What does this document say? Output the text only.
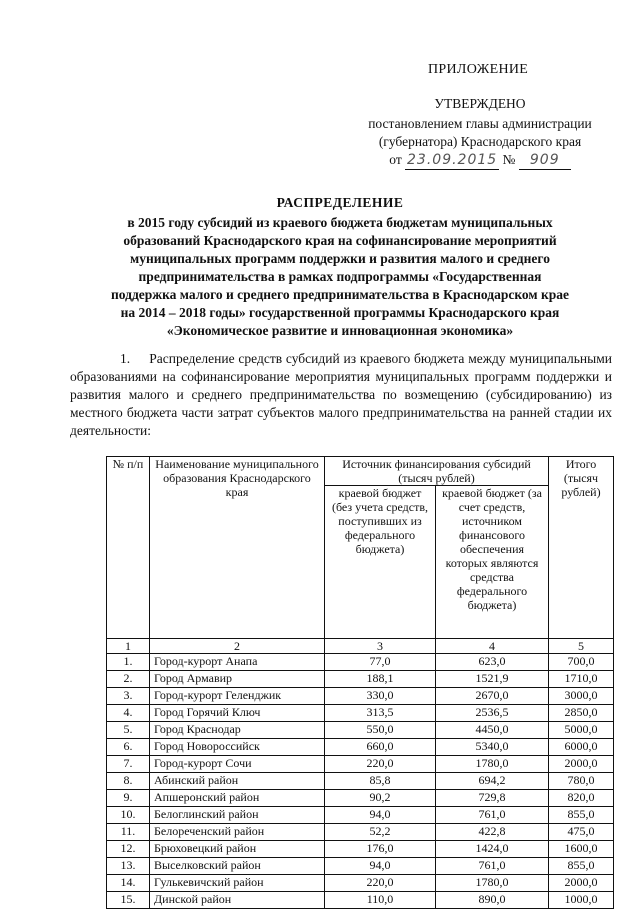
ПРИЛОЖЕНИЕ
УТВЕРЖДЕНО
постановлением главы администрации
(губернатора) Краснодарского края
от 23.09.2015 № 909
РАСПРЕДЕЛЕНИЕ
в 2015 году субсидий из краевого бюджета бюджетам муниципальных
образований Краснодарского края на софинансирование мероприятий
муниципальных программ поддержки и развития малого и среднего
предпринимательства в рамках подпрограммы «Государственная
поддержка малого и среднего предпринимательства в Краснодарском крае
на 2014 – 2018 годы» государственной программы Краснодарского края
«Экономическое развитие и инновационная экономика»
1. Распределение средств субсидий из краевого бюджета между муниципальными образованиями на софинансирование мероприятия муниципальных программ поддержки и развития малого и среднего предпринимательства по возмещению (субсидированию) из местного бюджета части затрат субъектов малого предпринимательства на ранней стадии их деятельности:
№ п/п	Наименование муниципального образования Краснодарского края	Источник финансирования субсидий (тысяч рублей)		Итого (тысяч рублей)
		краевой бюджет (без учета средств, поступивших из федерального бюджета)	краевой бюджет (за счет средств, источником финансового обеспечения которых являются средства федерального бюджета)	
1	2	3	4	5
1.	Город-курорт Анапа	77,0	623,0	700,0
2.	Город Армавир	188,1	1521,9	1710,0
3.	Город-курорт Геленджик	330,0	2670,0	3000,0
4.	Город Горячий Ключ	313,5	2536,5	2850,0
5.	Город Краснодар	550,0	4450,0	5000,0
6.	Город Новороссийск	660,0	5340,0	6000,0
7.	Город-курорт Сочи	220,0	1780,0	2000,0
8.	Абинский район	85,8	694,2	780,0
9.	Апшеронский район	90,2	729,8	820,0
10.	Белоглинский район	94,0	761,0	855,0
11.	Белореченский район	52,2	422,8	475,0
12.	Брюховецкий район	176,0	1424,0	1600,0
13.	Выселковский район	94,0	761,0	855,0
14.	Гулькевичский район	220,0	1780,0	2000,0
15.	Динской район	110,0	890,0	1000,0
